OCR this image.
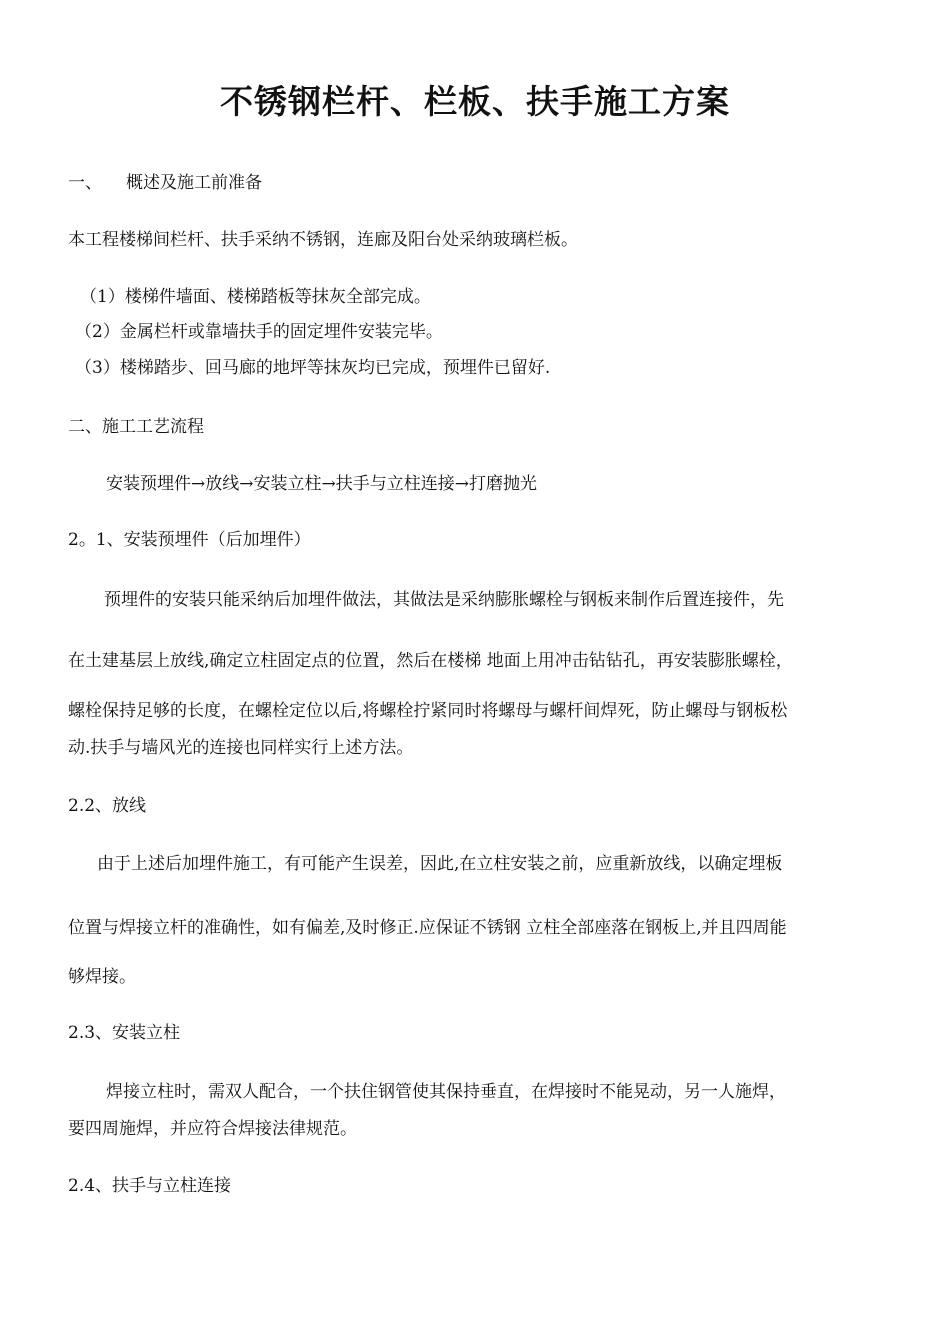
不锈钢栏杆、栏板、扶手施工方案
一、 概述及施工前准备
本工程楼梯间栏杆、扶手采纳不锈钢，连廊及阳台处采纳玻璃栏板。
（1）楼梯件墙面、楼梯踏板等抹灰全部完成。
（2）金属栏杆或靠墙扶手的固定埋件安装完毕。
（3）楼梯踏步、回马廊的地坪等抹灰均已完成，预埋件已留好.
二、施工工艺流程
安装预埋件→放线→安装立柱→扶手与立柱连接→打磨抛光
2。1、安装预埋件（后加埋件）
预埋件的安装只能采纳后加埋件做法，其做法是采纳膨胀螺栓与钢板来制作后置连接件，先
在土建基层上放线,确定立柱固定点的位置，然后在楼梯 地面上用冲击钻钻孔，再安装膨胀螺栓，
螺栓保持足够的长度，在螺栓定位以后,将螺栓拧紧同时将螺母与螺杆间焊死，防止螺母与钢板松
动.扶手与墙风光的连接也同样实行上述方法。
2.2、放线
由于上述后加埋件施工，有可能产生误差，因此,在立柱安装之前，应重新放线，以确定埋板
位置与焊接立杆的准确性，如有偏差,及时修正.应保证不锈钢 立柱全部座落在钢板上,并且四周能
够焊接。
2.3、安装立柱
焊接立柱时，需双人配合，一个扶住钢管使其保持垂直，在焊接时不能晃动，另一人施焊，
要四周施焊，并应符合焊接法律规范。
2.4、扶手与立柱连接
